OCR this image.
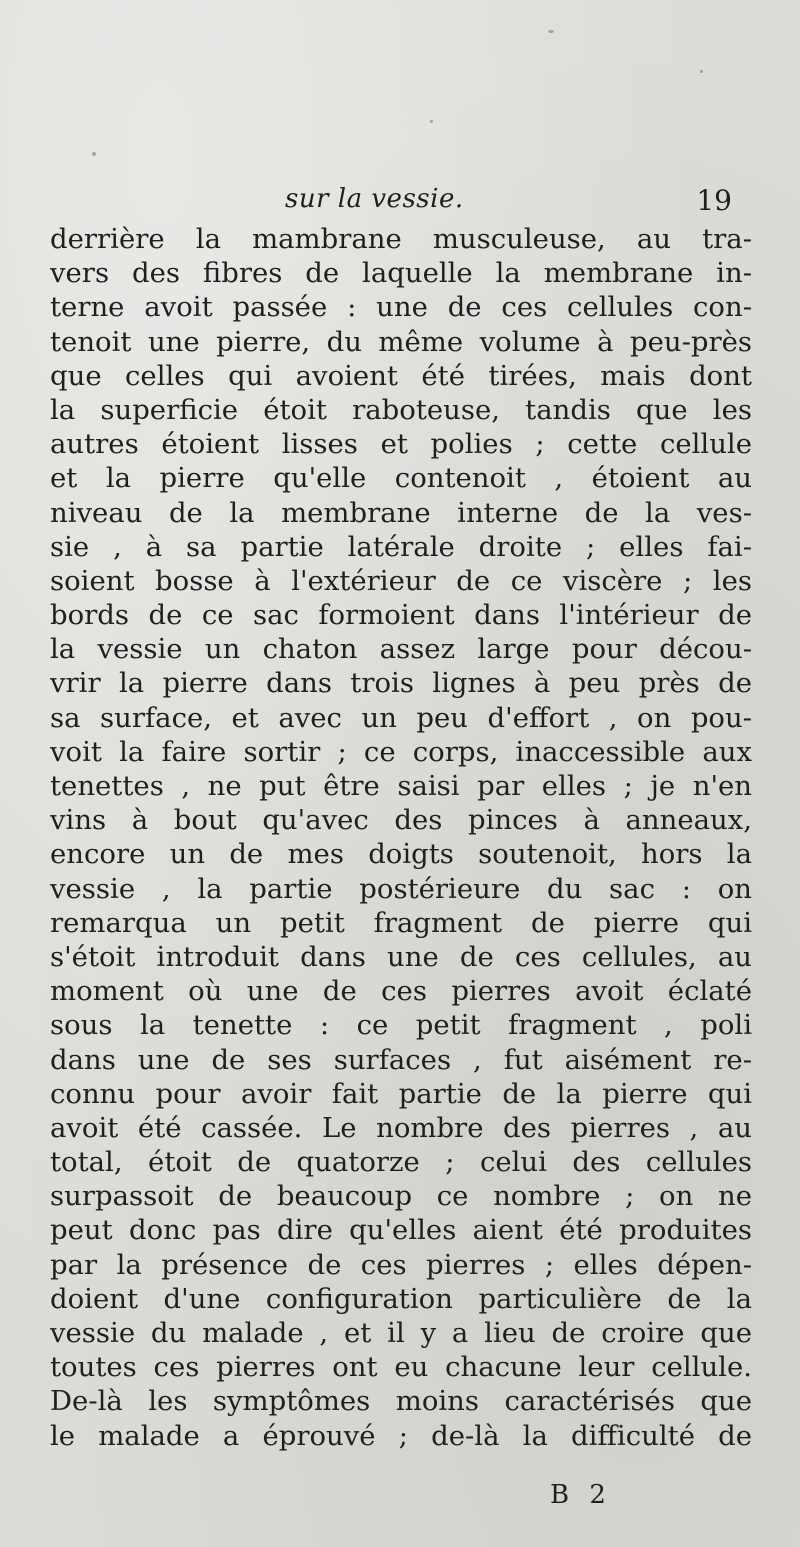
sur la vessie.	19
derrière la mambrane musculeuse, au tra-
vers des fibres de laquelle la membrane in-
terne avoit passée : une de ces cellules con-
tenoit une pierre, du même volume à peu-près
que celles qui avoient été tirées, mais dont
la superficie étoit raboteuse, tandis que les
autres étoient lisses et polies ; cette cellule
et la pierre qu'elle contenoit , étoient au
niveau de la membrane interne de la ves-
sie , à sa partie latérale droite ; elles fai-
soient bosse à l'extérieur de ce viscère ; les
bords de ce sac formoient dans l'intérieur de
la vessie un chaton assez large pour décou-
vrir la pierre dans trois lignes à peu près de
sa surface, et avec un peu d'effort , on pou-
voit la faire sortir ; ce corps, inaccessible aux
tenettes , ne put être saisi par elles ; je n'en
vins à bout qu'avec des pinces à anneaux,
encore un de mes doigts soutenoit, hors la
vessie , la partie postérieure du sac : on
remarqua un petit fragment de pierre qui
s'étoit introduit dans une de ces cellules, au
moment où une de ces pierres avoit éclaté
sous la tenette : ce petit fragment , poli
dans une de ses surfaces , fut aisément re-
connu pour avoir fait partie de la pierre qui
avoit été cassée. Le nombre des pierres , au
total, étoit de quatorze ; celui des cellules
surpassoit de beaucoup ce nombre ; on ne
peut donc pas dire qu'elles aient été produites
par la présence de ces pierres ; elles dépen-
doient d'une configuration particulière de la
vessie du malade , et il y a lieu de croire que
toutes ces pierres ont eu chacune leur cellule.
De-là les symptômes moins caractérisés que
le malade a éprouvé ; de-là la difficulté de
B 2
